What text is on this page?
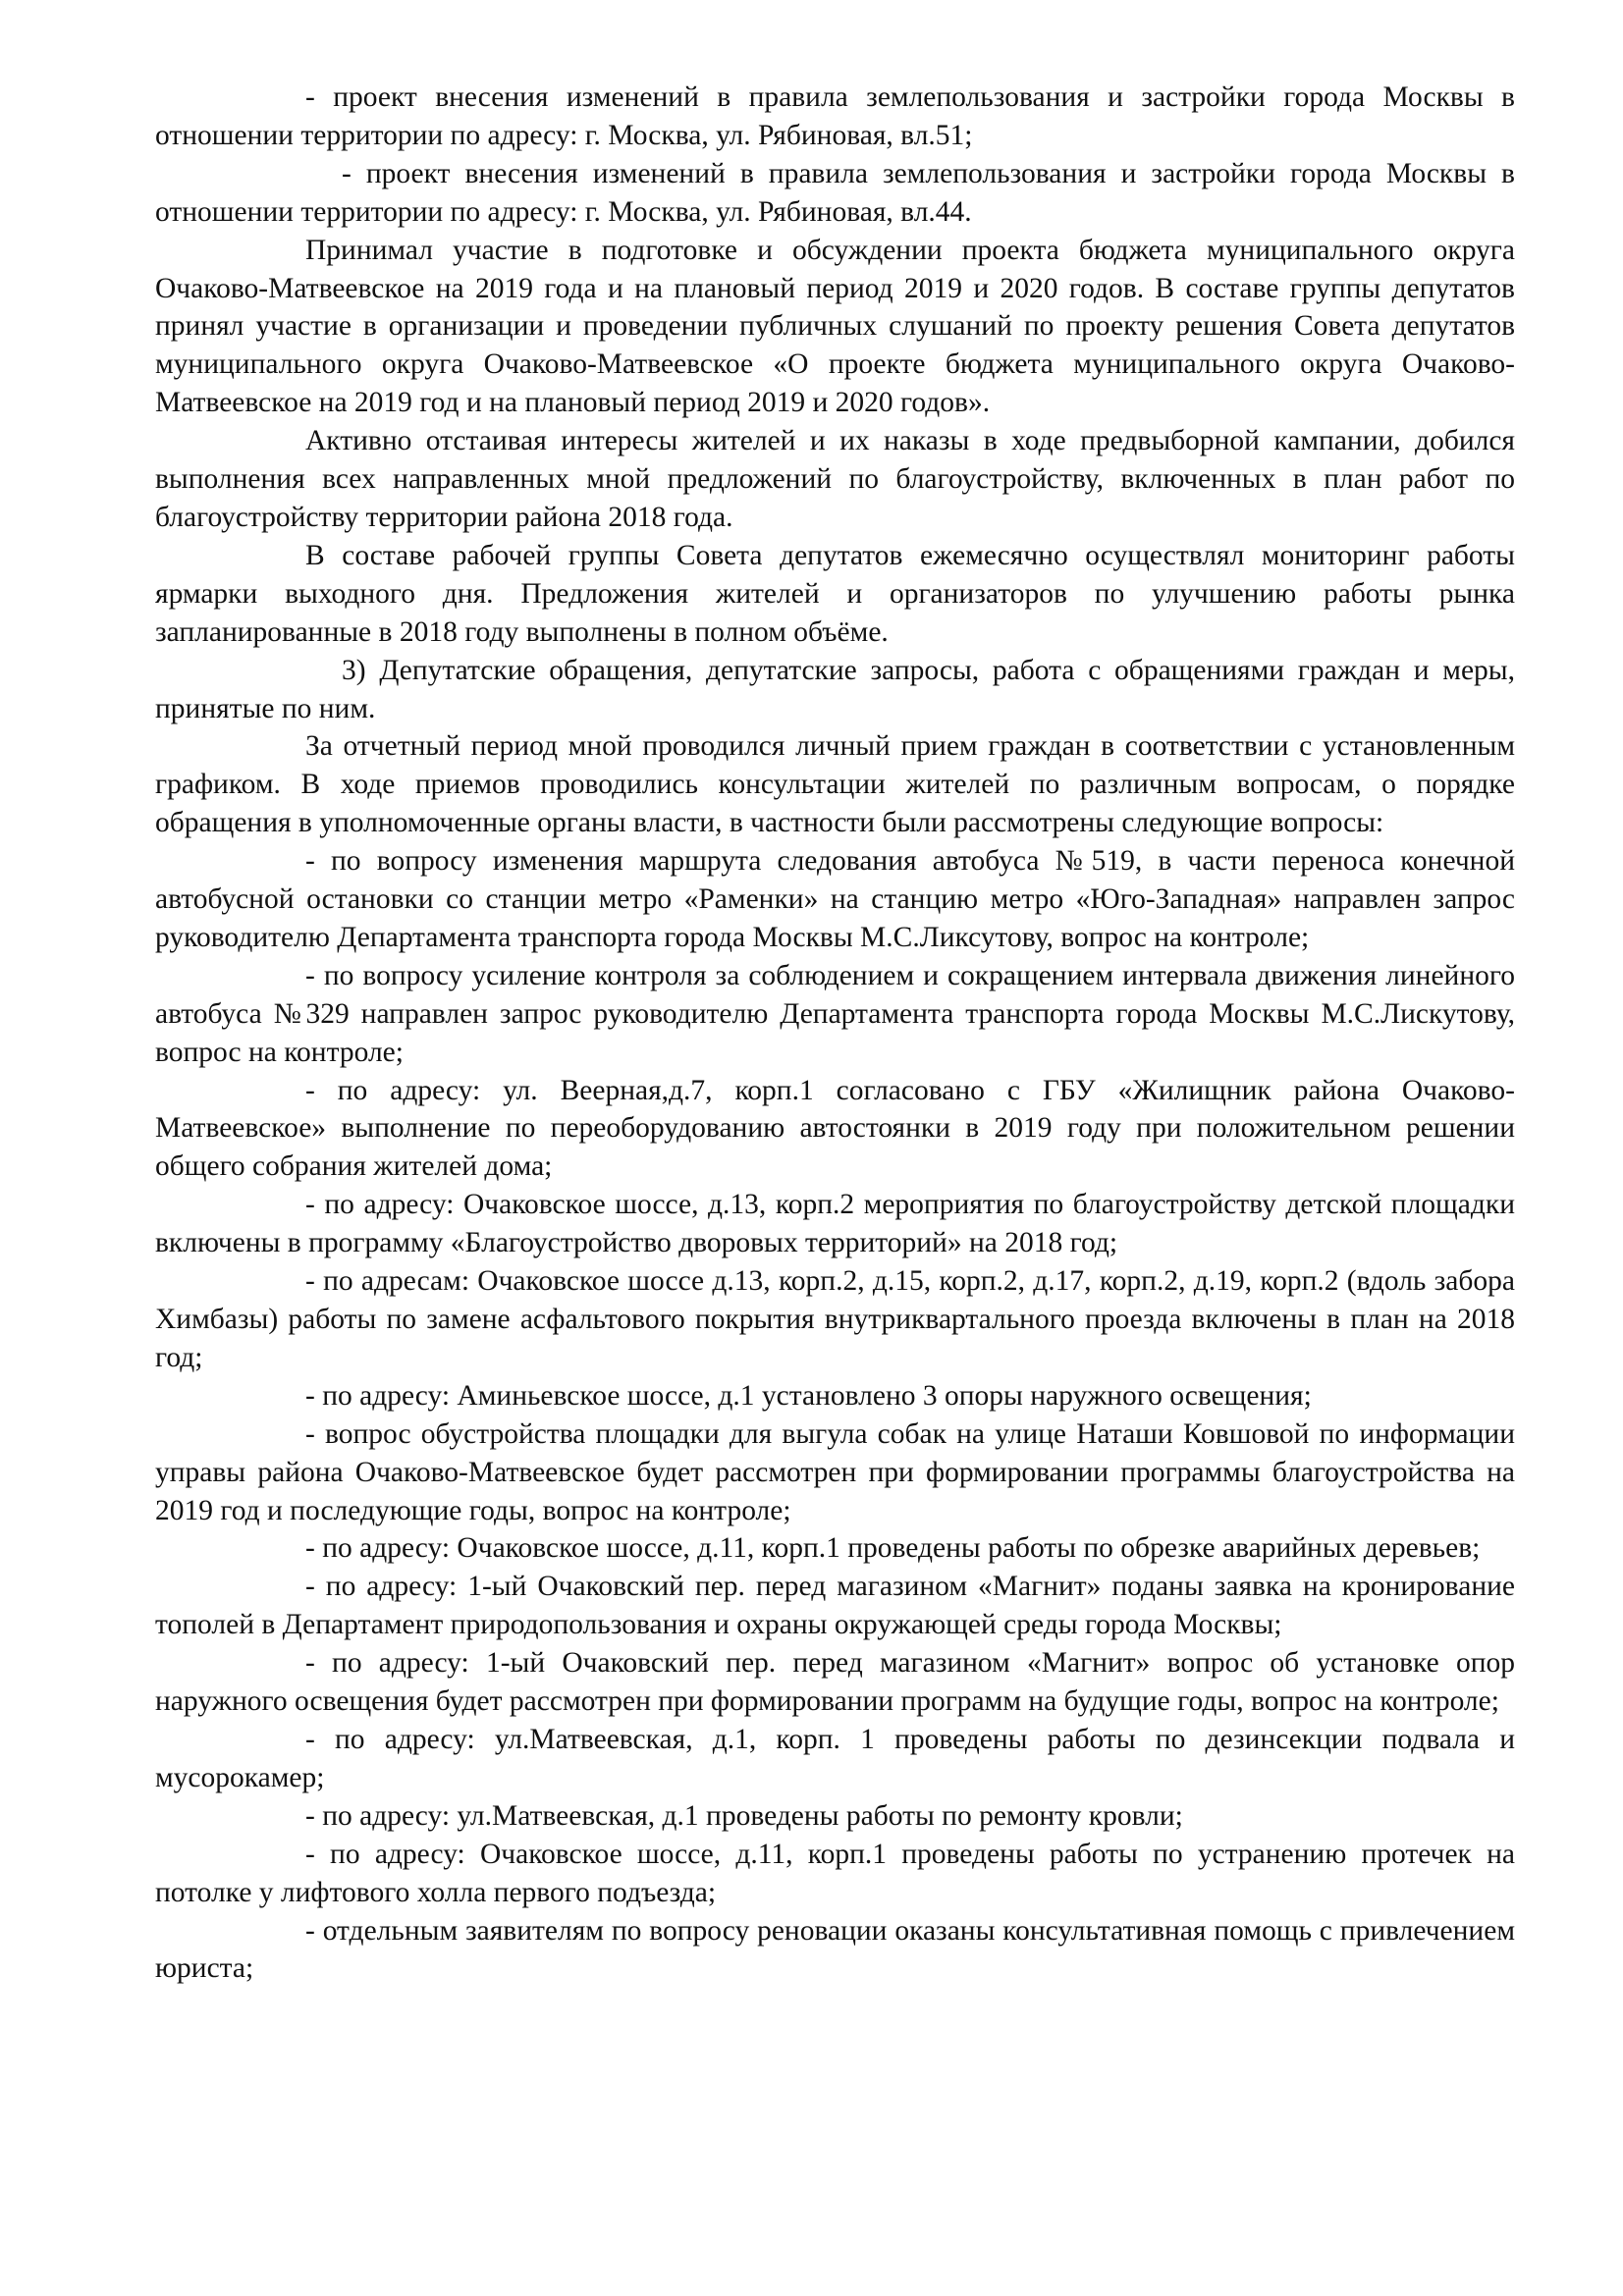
- проект внесения изменений в правила землепользования и застройки города Москвы в отношении территории по адресу: г. Москва, ул. Рябиновая, вл.51;

- проект внесения изменений в правила землепользования и застройки города Москвы в отношении территории по адресу: г. Москва, ул. Рябиновая, вл.44.

Принимал участие в подготовке и обсуждении проекта бюджета муниципального округа Очаково-Матвеевское на 2019 года и на плановый период 2019 и 2020 годов. В составе группы депутатов принял участие в организации и проведении публичных слушаний по проекту решения Совета депутатов муниципального округа Очаково-Матвеевское «О проекте бюджета муниципального округа Очаково-Матвеевское на 2019 год и на плановый период 2019 и 2020 годов».

Активно отстаивая интересы жителей и их наказы в ходе предвыборной кампании, добился выполнения всех направленных мной предложений по благоустройству, включенных в план работ по благоустройству территории района 2018 года.

В составе рабочей группы Совета депутатов ежемесячно осуществлял мониторинг работы ярмарки выходного дня. Предложения жителей и организаторов по улучшению работы рынка запланированные в 2018 году выполнены в полном объёме.

3) Депутатские обращения, депутатские запросы, работа с обращениями граждан и меры, принятые по ним.

За отчетный период мной проводился личный прием граждан в соответствии с установленным графиком. В ходе приемов проводились консультации жителей по различным вопросам, о порядке обращения в уполномоченные органы власти, в частности были рассмотрены следующие вопросы:

- по вопросу изменения маршрута следования автобуса №519, в части переноса конечной автобусной остановки со станции метро «Раменки» на станцию метро «Юго-Западная» направлен запрос руководителю Департамента транспорта города Москвы М.С.Ликсутову, вопрос на контроле;

- по вопросу усиление контроля за соблюдением и сокращением интервала движения линейного автобуса №329 направлен запрос руководителю Департамента транспорта города Москвы М.С.Лискутову, вопрос на контроле;

- по адресу: ул. Веерная,д.7, корп.1 согласовано с ГБУ «Жилищник района Очаково-Матвеевское» выполнение по переоборудованию автостоянки в 2019 году при положительном решении общего собрания жителей дома;

- по адресу: Очаковское шоссе, д.13, корп.2 мероприятия по благоустройству детской площадки включены в программу «Благоустройство дворовых территорий» на 2018 год;

- по адресам: Очаковское шоссе д.13, корп.2, д.15, корп.2, д.17, корп.2, д.19, корп.2 (вдоль забора Химбазы) работы по замене асфальтового покрытия внутриквартального проезда включены в план на 2018 год;

- по адресу: Аминьевское шоссе, д.1 установлено 3 опоры наружного освещения;

- вопрос обустройства площадки для выгула собак на улице Наташи Ковшовой по информации управы района Очаково-Матвеевское будет рассмотрен при формировании программы благоустройства на 2019 год и последующие годы, вопрос на контроле;

- по адресу: Очаковское шоссе, д.11, корп.1 проведены работы по обрезке аварийных деревьев;

- по адресу: 1-ый Очаковский пер. перед магазином «Магнит» поданы заявка на кронирование тополей в Департамент природопользования и охраны окружающей среды города Москвы;

- по адресу: 1-ый Очаковский пер. перед магазином «Магнит» вопрос об установке опор наружного освещения будет рассмотрен при формировании программ на будущие годы, вопрос на контроле;

- по адресу: ул.Матвеевская, д.1, корп. 1 проведены работы по дезинсекции подвала и мусорокамер;

- по адресу: ул.Матвеевская, д.1 проведены работы по ремонту кровли;

- по адресу: Очаковское шоссе, д.11, корп.1 проведены работы по устранению протечек на потолке у лифтового холла первого подъезда;

- отдельным заявителям по вопросу реновации оказаны консультативная помощь с привлечением юриста;
